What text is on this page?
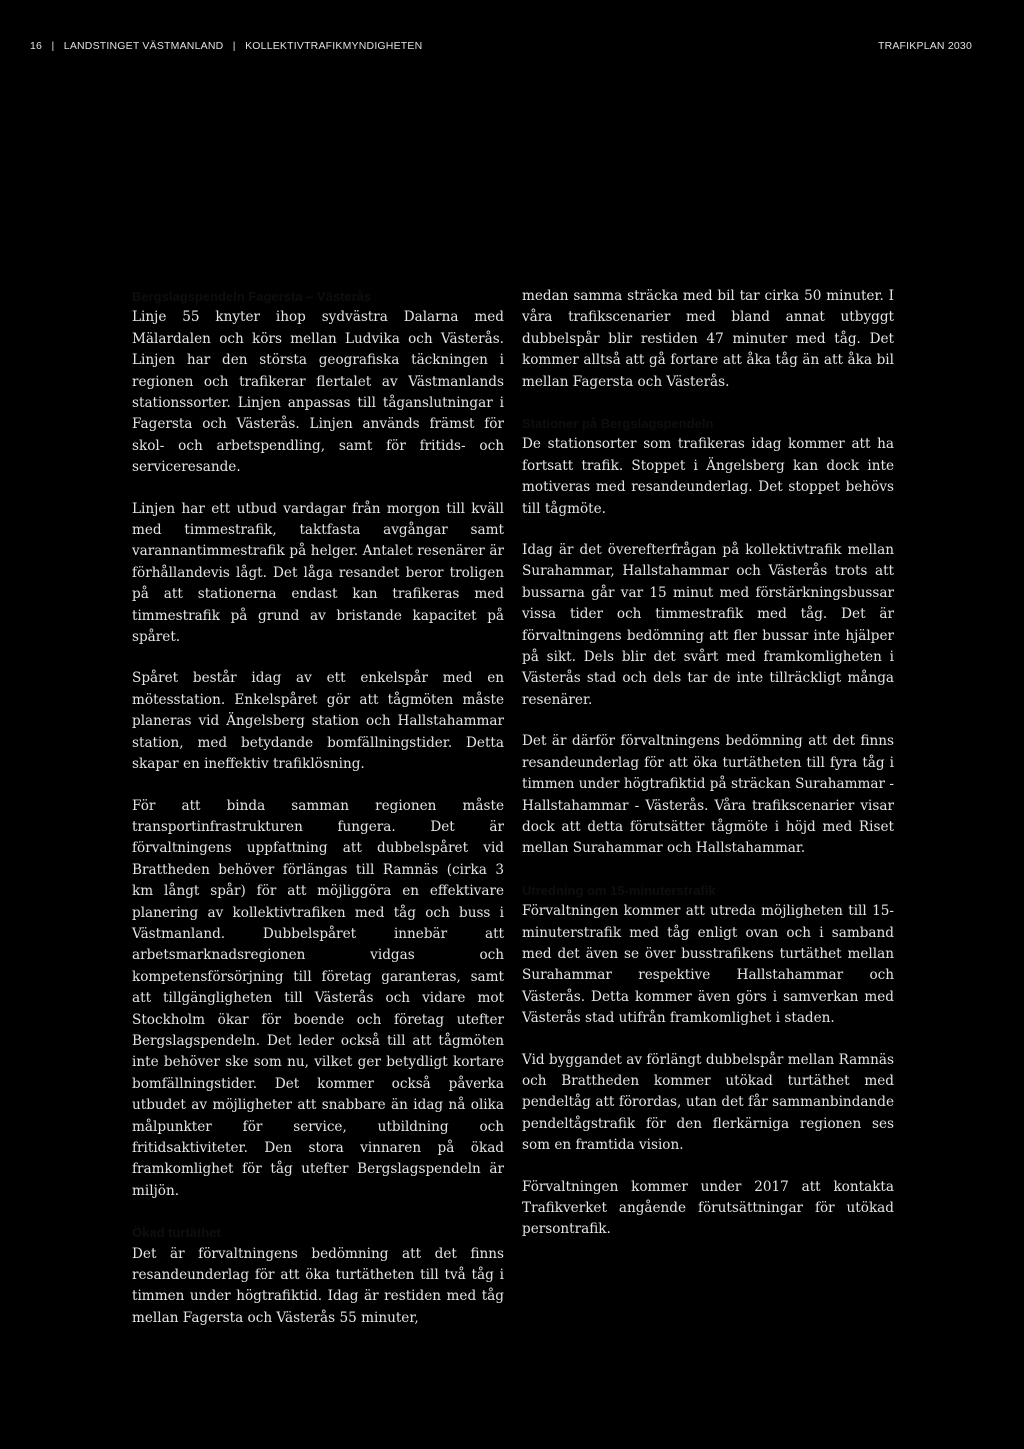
16 | LANDSTINGET VÄSTMANLAND | KOLLEKTIVTRAFIKMYNDIGHETEN	TRAFIKPLAN 2030
Bergslagspendeln Fagersta – Västerås

Linje 55 knyter ihop sydvästra Dalarna med Mälardalen och körs mellan Ludvika och Västerås. Linjen har den största geografiska täckningen i regionen och trafikerar flertalet av Västmanlands stationssorter. Linjen anpassas till tåganslutningar i Fagersta och Västerås. Linjen används främst för skol- och arbetspendling, samt för fritids- och serviceresande.

Linjen har ett utbud vardagar från morgon till kväll med timmestrafik, taktfasta avgångar samt varannantimmestrafik på helger. Antalet resenärer är förhållandevis lågt. Det låga resandet beror troligen på att stationerna endast kan trafikeras med timmestrafik på grund av bristande kapacitet på spåret.

Spåret består idag av ett enkelspår med en mötesstation. Enkelspåret gör att tågmöten måste planeras vid Ängelsberg station och Hallstahammar station, med betydande bomfällningstider. Detta skapar en ineffektiv trafiklösning.

För att binda samman regionen måste transportinfrastrukturen fungera. Det är förvaltningens uppfattning att dubbelspåret vid Brattheden behöver förlängas till Ramnäs (cirka 3 km långt spår) för att möjliggöra en effektivare planering av kollektivtrafiken med tåg och buss i Västmanland. Dubbelspåret innebär att arbetsmarknadsregionen vidgas och kompetensförsörjning till företag garanteras, samt att tillgängligheten till Västerås och vidare mot Stockholm ökar för boende och företag utefter Bergslagspendeln. Det leder också till att tågmöten inte behöver ske som nu, vilket ger betydligt kortare bomfällningstider. Det kommer också påverka utbudet av möjligheter att snabbare än idag nå olika målpunkter för service, utbildning och fritidsaktiviteter. Den stora vinnaren på ökad framkomlighet för tåg utefter Bergslagspendeln är miljön.

Ökad turtäthet

Det är förvaltningens bedömning att det finns resandeunderlag för att öka turtätheten till två tåg i timmen under högtrafiktid. Idag är restiden med tåg mellan Fagersta och Västerås 55 minuter,

medan samma sträcka med bil tar cirka 50 minuter. I våra trafikscenarier med bland annat utbyggt dubbelspår blir restiden 47 minuter med tåg. Det kommer alltså att gå fortare att åka tåg än att åka bil mellan Fagersta och Västerås.

Stationer på Bergslagspendeln

De stationsorter som trafikeras idag kommer att ha fortsatt trafik. Stoppet i Ängelsberg kan dock inte motiveras med resandeunderlag. Det stoppet behövs till tågmöte.

Idag är det överefterfrågan på kollektivtrafik mellan Surahammar, Hallstahammar och Västerås trots att bussarna går var 15 minut med förstärkningsbussar vissa tider och timmestrafik med tåg. Det är förvaltningens bedömning att fler bussar inte hjälper på sikt. Dels blir det svårt med framkomligheten i Västerås stad och dels tar de inte tillräckligt många resenärer.

Det är därför förvaltningens bedömning att det finns resandeunderlag för att öka turtätheten till fyra tåg i timmen under högtrafiktid på sträckan Surahammar - Hallstahammar - Västerås. Våra trafikscenarier visar dock att detta förutsätter tågmöte i höjd med Riset mellan Surahammar och Hallstahammar.

Utredning om 15-minuterstrafik

Förvaltningen kommer att utreda möjligheten till 15-minuterstrafik med tåg enligt ovan och i samband med det även se över busstrafikens turtäthet mellan Surahammar respektive Hallstahammar och Västerås. Detta kommer även görs i samverkan med Västerås stad utifrån framkomlighet i staden.

Vid byggandet av förlängt dubbelspår mellan Ramnäs och Brattheden kommer utökad turtäthet med pendeltåg att förordas, utan det får sammanbindande pendeltågstrafik för den flerkärniga regionen ses som en framtida vision.

Förvaltningen kommer under 2017 att kontakta Trafikverket angående förutsättningar för utökad persontrafik.
